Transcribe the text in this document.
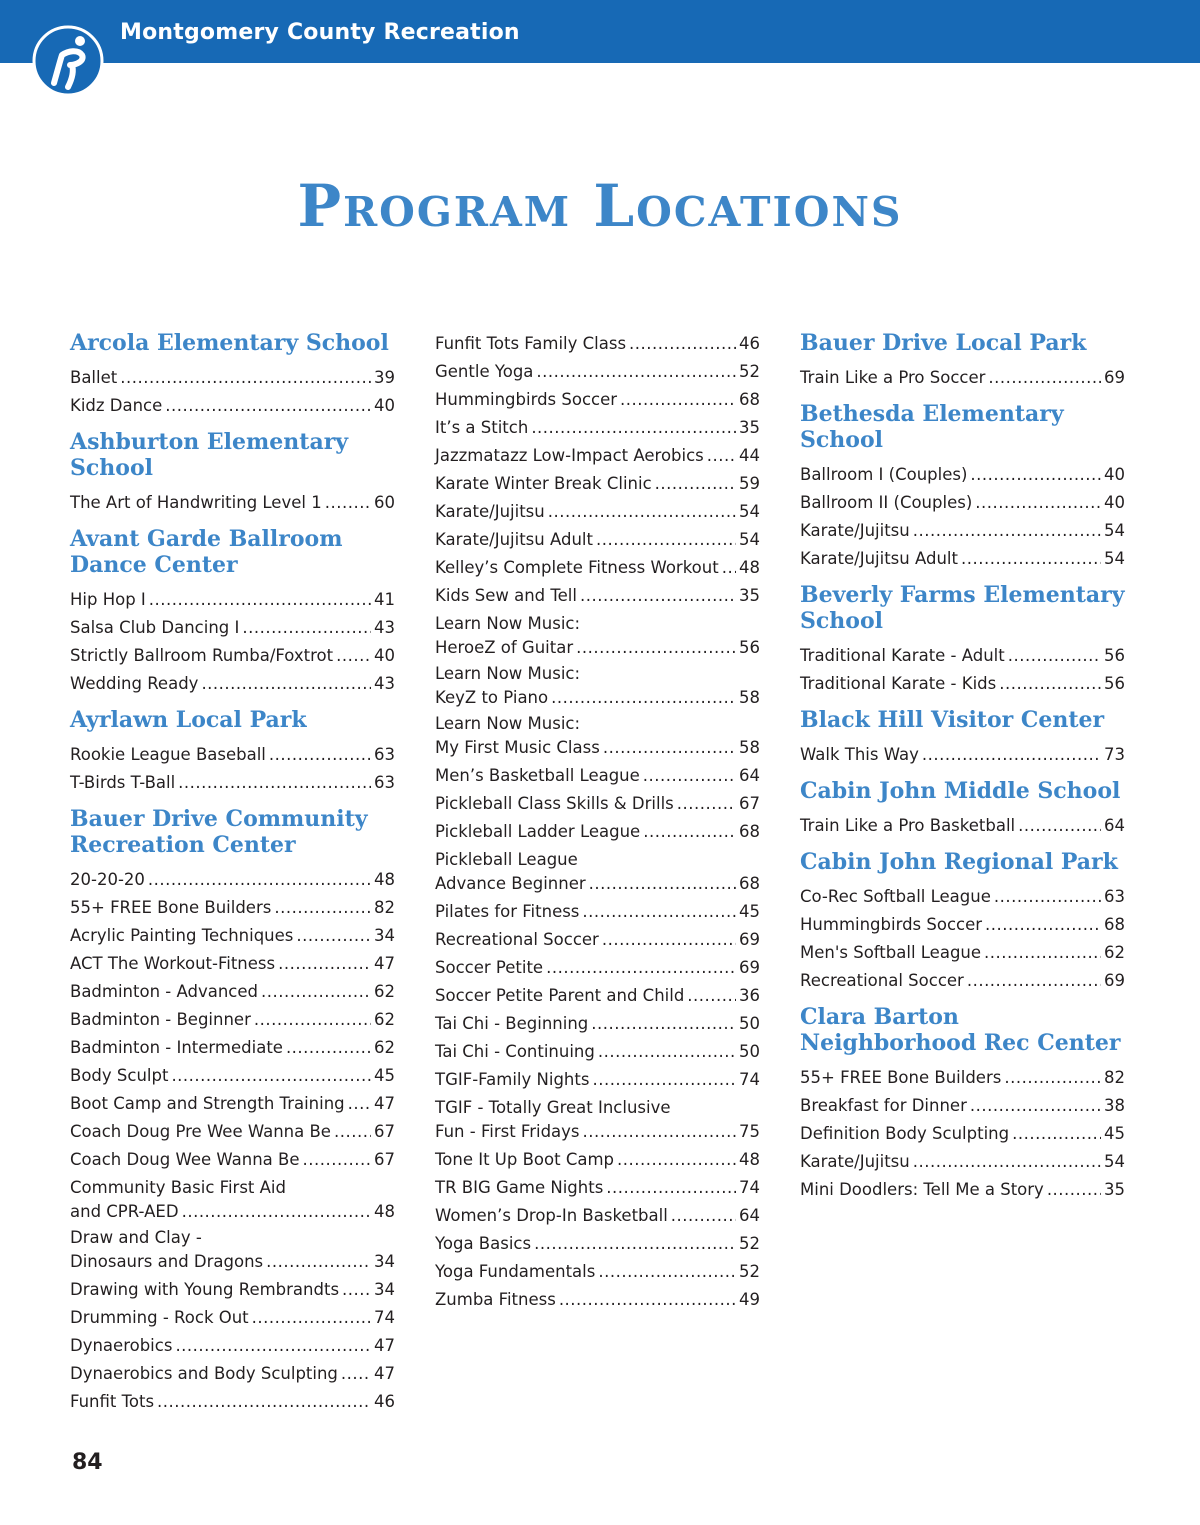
Montgomery County Recreation
Program Locations
Arcola Elementary School
Ballet .....	39
Kidz Dance .....	40
Ashburton Elementary School
The Art of Handwriting Level 1 .....	60
Avant Garde Ballroom Dance Center
Hip Hop I .....	41
Salsa Club Dancing I .....	43
Strictly Ballroom Rumba/Foxtrot ..... 40
Wedding Ready .....	43
Ayrlawn Local Park
Rookie League Baseball .....	63
T-Birds T-Ball .....	63
Bauer Drive Community Recreation Center
20-20-20 .....	48
55+ FREE Bone Builders .....	82
Acrylic Painting Techniques .....	34
ACT The Workout-Fitness .....	47
Badminton - Advanced .....	62
Badminton - Beginner .....	62
Badminton - Intermediate .....	62
Body Sculpt .....	45
Boot Camp and Strength Training ..... 47
Coach Doug Pre Wee Wanna Be .....	67
Coach Doug Wee Wanna Be .....	67
Community Basic First Aid
and CPR-AED .....	48
Draw and Clay -
Dinosaurs and Dragons .....	34
Drawing with Young Rembrandts ..... 34
Drumming - Rock Out .....	74
Dynaerobics .....	47
Dynaerobics and Body Sculpting ..... 47
Funfit Tots .....	46
Funfit Tots Family Class .....	46
Gentle Yoga .....	52
Hummingbirds Soccer .....	68
It’s a Stitch .....	35
Jazzmatazz Low-Impact Aerobics ..... 44
Karate Winter Break Clinic .....	59
Karate/Jujitsu .....	54
Karate/Jujitsu Adult .....	54
Kelley’s Complete Fitness Workout ..... 48
Kids Sew and Tell .....	35
Learn Now Music:
HeroeZ of Guitar .....	56
Learn Now Music:
KeyZ to Piano .....	58
Learn Now Music:
My First Music Class .....	58
Men’s Basketball League .....	64
Pickleball Class Skills & Drills .....	67
Pickleball Ladder League .....	68
Pickleball League
Advance Beginner .....	68
Pilates for Fitness .....	45
Recreational Soccer .....	69
Soccer Petite .....	69
Soccer Petite Parent and Child .....	36
Tai Chi - Beginning .....	50
Tai Chi - Continuing .....	50
TGIF-Family Nights .....	74
TGIF - Totally Great Inclusive
Fun - First Fridays .....	75
Tone It Up Boot Camp .....	48
TR BIG Game Nights .....	74
Women’s Drop-In Basketball .....	64
Yoga Basics .....	52
Yoga Fundamentals .....	52
Zumba Fitness .....	49
Bauer Drive Local Park
Train Like a Pro Soccer .....	69
Bethesda Elementary School
Ballroom I (Couples) .....	40
Ballroom II (Couples) .....	40
Karate/Jujitsu .....	54
Karate/Jujitsu Adult .....	54
Beverly Farms Elementary School
Traditional Karate - Adult .....	56
Traditional Karate - Kids .....	56
Black Hill Visitor Center
Walk This Way .....	73
Cabin John Middle School
Train Like a Pro Basketball .....	64
Cabin John Regional Park
Co-Rec Softball League .....	63
Hummingbirds Soccer .....	68
Men's Softball League .....	62
Recreational Soccer .....	69
Clara Barton Neighborhood Rec Center
55+ FREE Bone Builders .....	82
Breakfast for Dinner .....	38
Definition Body Sculpting .....	45
Karate/Jujitsu .....	54
Mini Doodlers: Tell Me a Story .....	35
84
